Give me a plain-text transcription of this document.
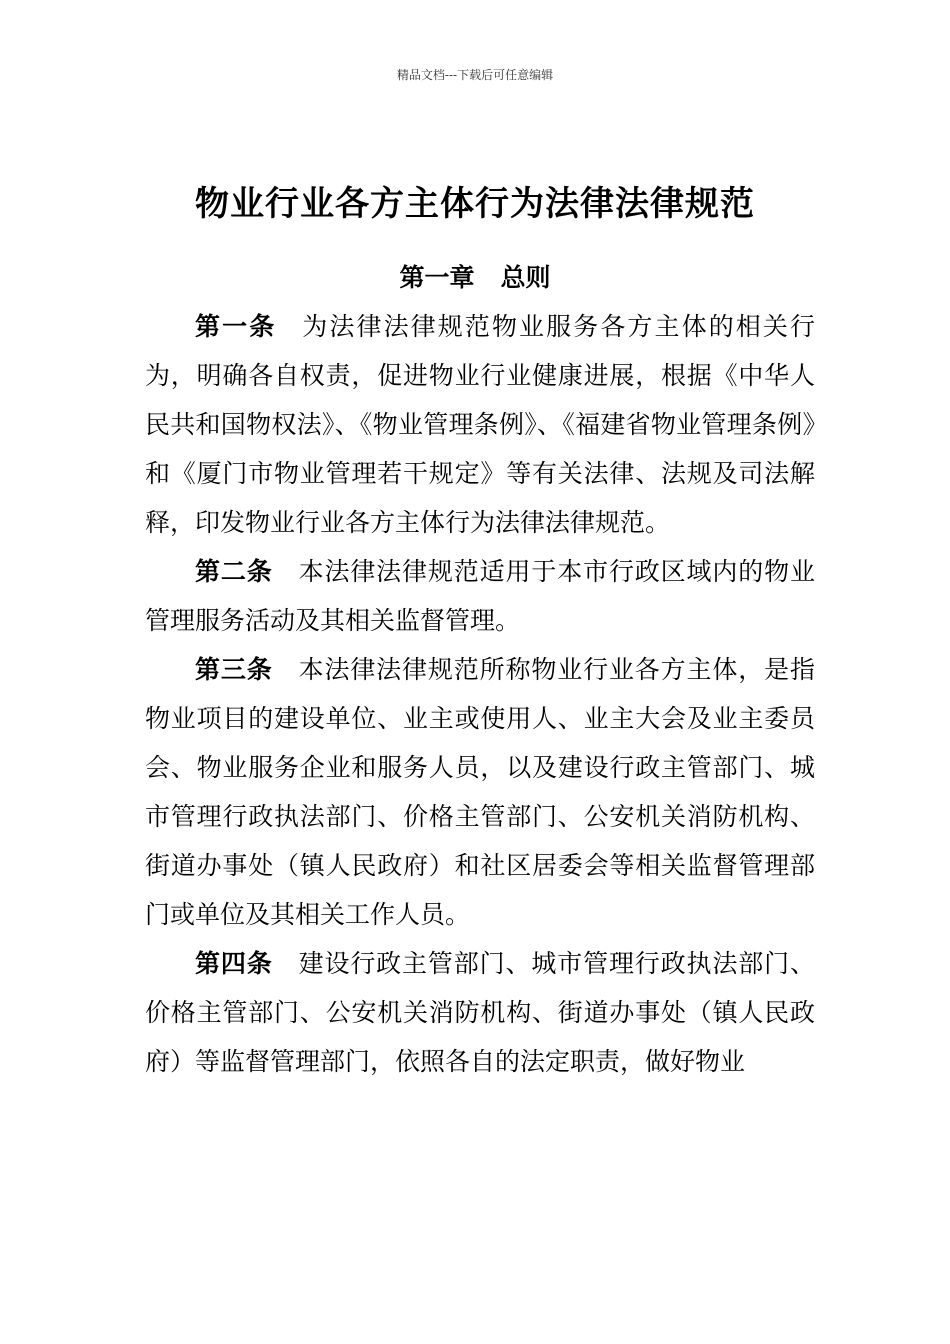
精品文档---下载后可任意编辑
物业行业各方主体行为法律法律规范
第一章 总则

第一条 为法律法律规范物业服务各方主体的相关行为，明确各自权责，促进物业行业健康进展，根据《中华人民共和国物权法》、《物业管理条例》、《福建省物业管理条例》和《厦门市物业管理若干规定》等有关法律、法规及司法解释，印发物业行业各方主体行为法律法律规范。

第二条 本法律法律规范适用于本市行政区域内的物业管理服务活动及其相关监督管理。

第三条 本法律法律规范所称物业行业各方主体，是指物业项目的建设单位、业主或使用人、业主大会及业主委员会、物业服务企业和服务人员，以及建设行政主管部门、城市管理行政执法部门、价格主管部门、公安机关消防机构、街道办事处（镇人民政府）和社区居委会等相关监督管理部门或单位及其相关工作人员。

第四条 建设行政主管部门、城市管理行政执法部门、价格主管部门、公安机关消防机构、街道办事处（镇人民政府）等监督管理部门，依照各自的法定职责，做好物业
